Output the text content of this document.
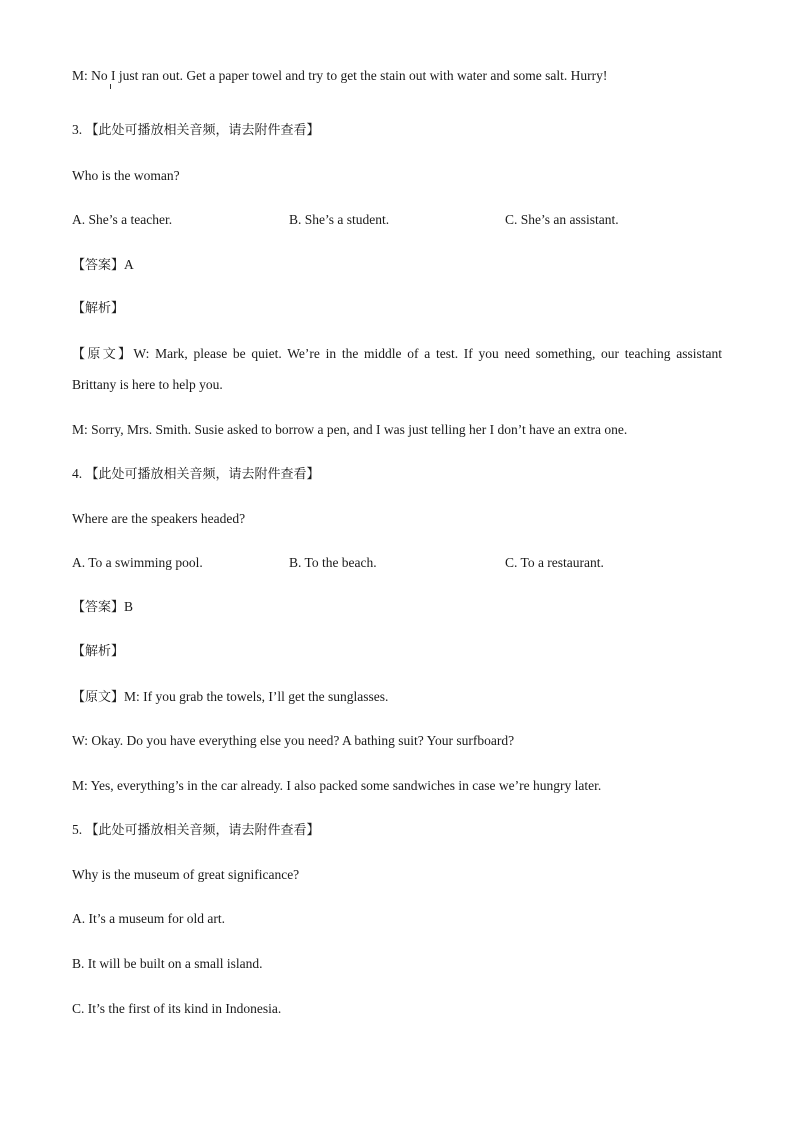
M: No I just ran out. Get a paper towel and try to get the stain out with water and some salt. Hurry!
3. 【此处可播放相关音频，请去附件查看】
Who is the woman?
A. She’s a teacher.	B. She’s a student.	C. She’s an assistant.
【答案】A
【解析】
【原文】W: Mark, please be quiet. We’re in the middle of a test. If you need something, our teaching assistant
Brittany is here to help you.
M: Sorry, Mrs. Smith. Susie asked to borrow a pen, and I was just telling her I don’t have an extra one.
4. 【此处可播放相关音频，请去附件查看】
Where are the speakers headed?
A. To a swimming pool.	B. To the beach.	C. To a restaurant.
【答案】B
【解析】
【原文】M: If you grab the towels, I’ll get the sunglasses.
W: Okay. Do you have everything else you need? A bathing suit? Your surfboard?
M: Yes, everything’s in the car already. I also packed some sandwiches in case we’re hungry later.
5. 【此处可播放相关音频，请去附件查看】
Why is the museum of great significance?
A. It’s a museum for old art.
B. It will be built on a small island.
C. It’s the first of its kind in Indonesia.
